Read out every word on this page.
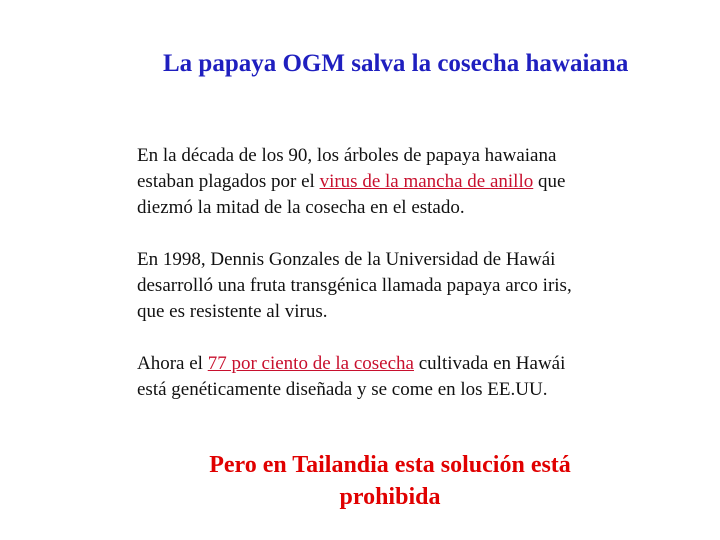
La papaya OGM salva la cosecha hawaiana

En la década de los 90, los árboles de papaya hawaiana
estaban plagados por el virus de la mancha de anillo que
diezmó la mitad de la cosecha en el estado.

En 1998, Dennis Gonzales de la Universidad de Hawái
desarrolló una fruta transgénica llamada papaya arco iris,
que es resistente al virus.

Ahora el 77 por ciento de la cosecha cultivada en Hawái
está genéticamente diseñada y se come en los EE.UU.

Pero en Tailandia esta solución está
prohibida
